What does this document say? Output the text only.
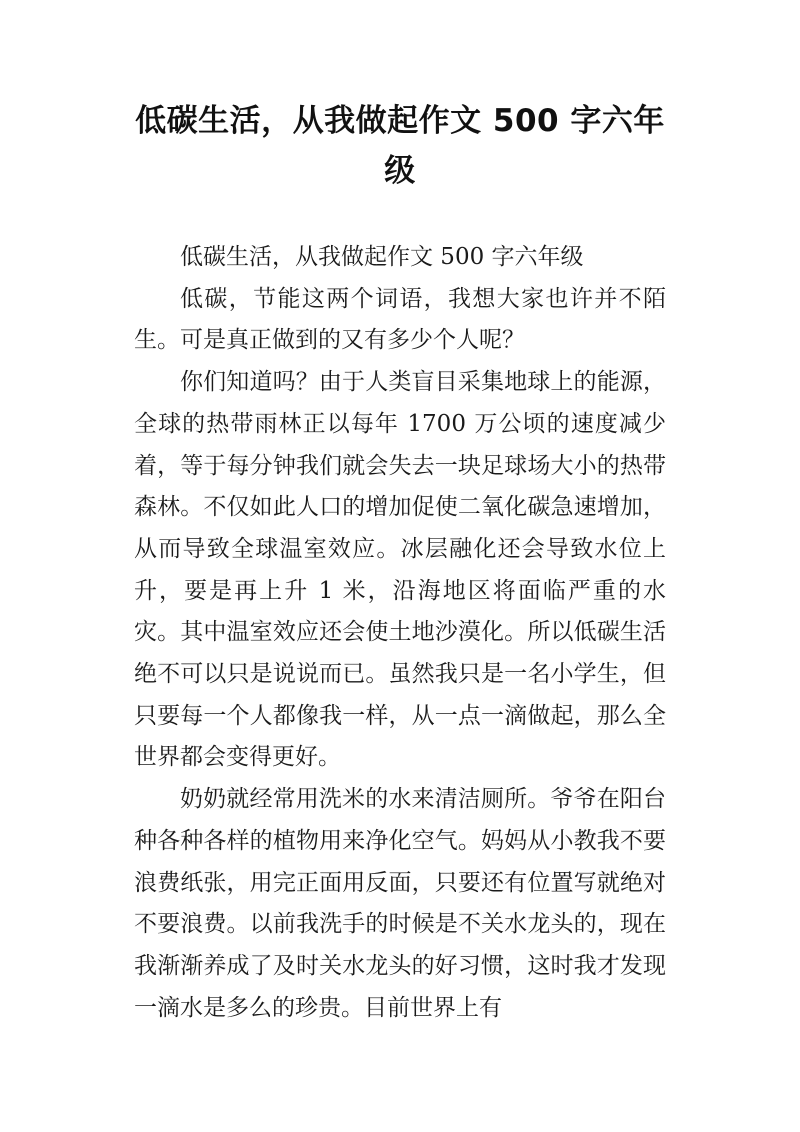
低碳生活，从我做起作文 500 字六年级

低碳生活，从我做起作文 500 字六年级

低碳，节能这两个词语，我想大家也许并不陌生。可是真正做到的又有多少个人呢？

你们知道吗？由于人类盲目采集地球上的能源，全球的热带雨林正以每年 1700 万公顷的速度减少着，等于每分钟我们就会失去一块足球场大小的热带森林。不仅如此人口的增加促使二氧化碳急速增加，从而导致全球温室效应。冰层融化还会导致水位上升，要是再上升 1 米，沿海地区将面临严重的水灾。其中温室效应还会使土地沙漠化。所以低碳生活绝不可以只是说说而已。虽然我只是一名小学生，但只要每一个人都像我一样，从一点一滴做起，那么全世界都会变得更好。

奶奶就经常用洗米的水来清洁厕所。爷爷在阳台种各种各样的植物用来净化空气。妈妈从小教我不要浪费纸张，用完正面用反面，只要还有位置写就绝对不要浪费。以前我洗手的时候是不关水龙头的，现在我渐渐养成了及时关水龙头的好习惯，这时我才发现一滴水是多么的珍贵。目前世界上有
